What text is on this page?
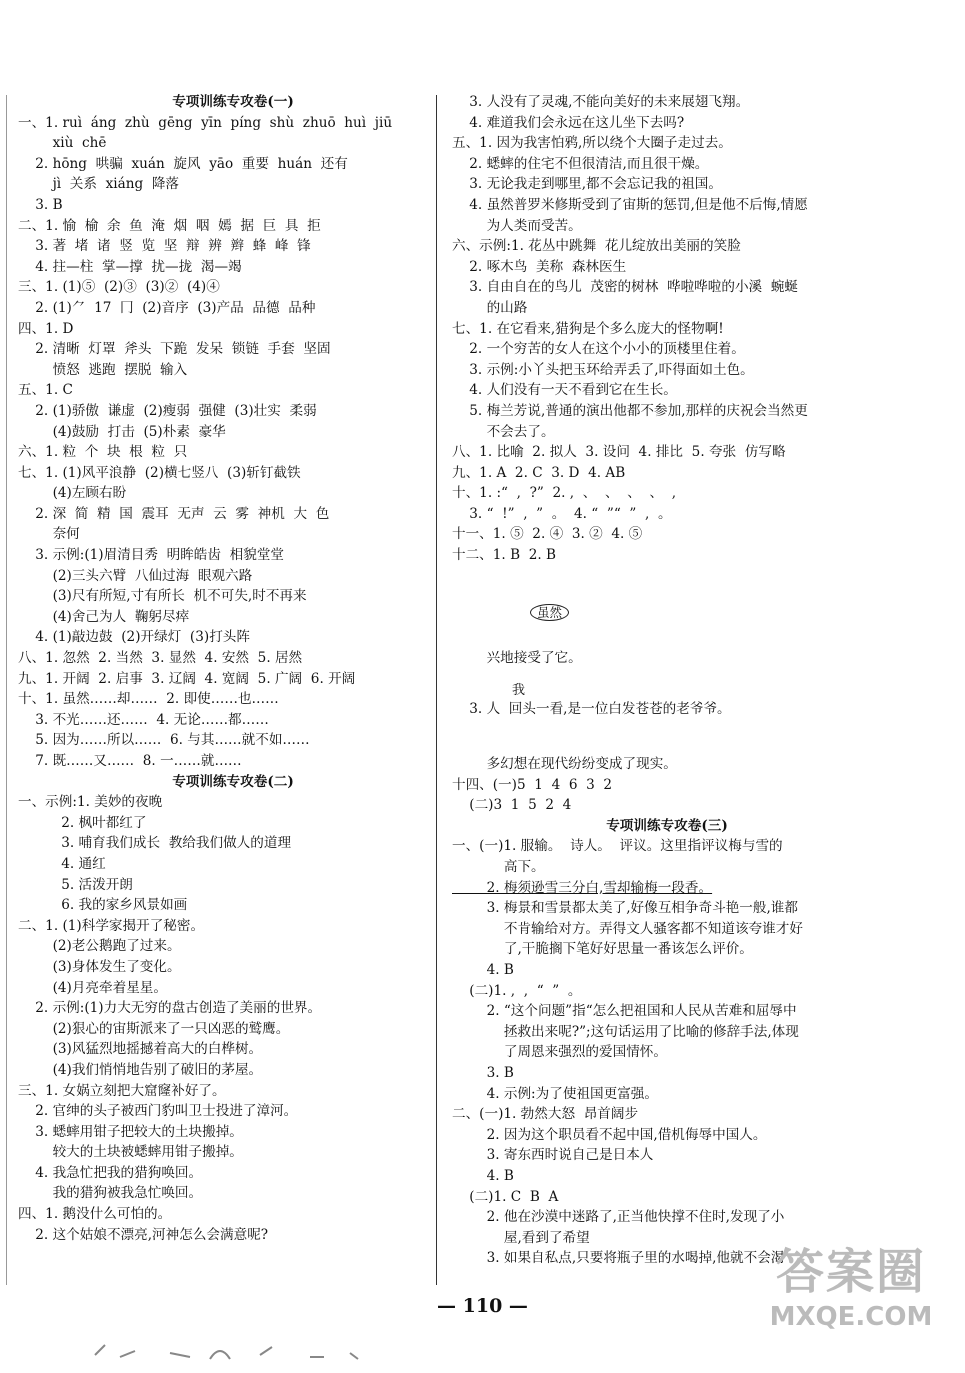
专项训练专攻卷(一)
一、1. ruì  áng  zhù  gēng  yīn  píng  shù  zhuō  huì  jiū
xiù  chē
2. hōng  哄骗  xuán  旋风  yāo  重要  huán  还有
jì  关系  xiáng  降落
3. B
二、1. 愉  榆  余  鱼  淹  烟  咽  嫣  据  巨  具  拒
3. 著  堵  诸  竖  览  坚  辩  辨  辫  蜂  峰  锋
4. 拄—柱  掌—撑  扰—拢  渴—竭
三、1. (1)⑤  (2)③  (3)②  (4)④
2. (1)⺈  17  冂  (2)音序  (3)产品  品德  品种
四、1. D
2. 清晰  灯罩  斧头  下跪  发呆  锁链  手套  坚固
愤怒  逃跑  摆脱  输入
五、1. C
2. (1)骄傲  谦虚  (2)瘦弱  强健  (3)壮实  柔弱
(4)鼓励  打击  (5)朴素  豪华
六、1. 粒  个  块  根  粒  只
七、1. (1)风平浪静  (2)横七竖八  (3)斩钉截铁
(4)左顾右盼
2. 深  简  精  国  震耳  无声  云  雾  神机  大  色
奈何
3. 示例:(1)眉清目秀  明眸皓齿  相貌堂堂
(2)三头六臂  八仙过海  眼观六路
(3)尺有所短,寸有所长  机不可失,时不再来
(4)舍己为人  鞠躬尽瘁
4. (1)敲边鼓  (2)开绿灯  (3)打头阵
八、1. 忽然  2. 当然  3. 显然  4. 安然  5. 居然
九、1. 开阔  2. 启事  3. 辽阔  4. 宽阔  5. 广阔  6. 开阔
十、1. 虽然……却……  2. 即使……也……
3. 不光……还……  4. 无论……都……
5. 因为……所以……  6. 与其……就不如……
7. 既……又……  8. 一……就……
专项训练专攻卷(二)
一、示例:1. 美妙的夜晚
2. 枫叶都红了
3. 哺育我们成长  教给我们做人的道理
4. 通红
5. 活泼开朗
6. 我的家乡风景如画
二、1. (1)科学家揭开了秘密。
(2)老公鹅跑了过来。
(3)身体发生了变化。
(4)月亮牵着星星。
2. 示例:(1)力大无穷的盘古创造了美丽的世界。
(2)狠心的宙斯派来了一只凶恶的鹫鹰。
(3)风猛烈地摇撼着高大的白桦树。
(4)我们悄悄地告别了破旧的茅屋。
三、1. 女娲立刻把大窟窿补好了。
2. 官绅的头子被西门豹叫卫士投进了漳河。
3. 蟋蟀用钳子把较大的土块搬掉。
较大的土块被蟋蟀用钳子搬掉。
4. 我急忙把我的猎狗唤回。
我的猎狗被我急忙唤回。
四、1. 鹅没什么可怕的。
2. 这个姑娘不漂亮,河神怎么会满意呢?
3. 人没有了灵魂,不能向美好的未来展翅飞翔。
4. 难道我们会永远在这儿坐下去吗?
五、1. 因为我害怕鸦,所以绕个大圈子走过去。
2. 蟋蟀的住宅不但很清洁,而且很干燥。
3. 无论我走到哪里,都不会忘记我的祖国。
4. 虽然普罗米修斯受到了宙斯的惩罚,但是他不后悔,情愿
为人类而受苦。
六、示例:1. 花丛中跳舞  花儿绽放出美丽的笑脸
2. 啄木鸟  美称  森林医生
3. 自由自在的鸟儿  茂密的树林  哗啦哗啦的小溪  蜿蜒
的山路
七、1. 在它看来,猎狗是个多么庞大的怪物啊!
2. 一个穷苦的女人在这个小小的顶楼里住着。
3. 示例:小丫头把玉环给弄丢了,吓得面如土色。
4. 人们没有一天不看到它在生长。
5. 梅兰芳说,普通的演出他都不参加,那样的庆祝会当然更
不会去了。
八、1. 比喻  2. 拟人  3. 设问  4. 排比  5. 夸张  仿写略
九、1. A  2. C  3. D  4. AB
十、1. :“  ,  ?”  2. ,  、  、  、  、  ,
3. “  !”  ,  ”  。  4. “  ”“  ”  ,  。
十一、1. ⑤  2. ④  3. ②  4. ⑤
十二、1. B  2. B

虽然

兴地接受了它。
我
3. 人  回头一看,是一位白发苍苍的老爷爷。

多幻想在现代纷纷变成了现实。
十四、(一)5  1  4  6  3  2
(二)3  1  5  2  4
专项训练专攻卷(三)
一、(一)1. 服输。  诗人。  评议。这里指评议梅与雪的
高下。
2. 梅须逊雪三分白,雪却输梅一段香。
3. 梅景和雪景都太美了,好像互相争奇斗艳一般,谁都
不肯输给对方。弄得文人骚客都不知道该夸谁才好
了,干脆搁下笔好好思量一番该怎么评价。
4. B
(二)1. ,  ,  “  ”  。
2. “这个问题”指“怎么把祖国和人民从苦难和屈辱中
拯救出来呢?”;这句话运用了比喻的修辞手法,体现
了周恩来强烈的爱国情怀。
3. B
4. 示例:为了使祖国更富强。
二、(一)1. 勃然大怒  昂首阔步
2. 因为这个职员看不起中国,借机侮辱中国人。
3. 寄东西时说自己是日本人
4. B
(二)1. C  B  A
2. 他在沙漠中迷路了,正当他快撑不住时,发现了小
屋,看到了希望
3. 如果自私点,只要将瓶子里的水喝掉,他就不会渴
— 110 —
答案圈
MXQE.COM
